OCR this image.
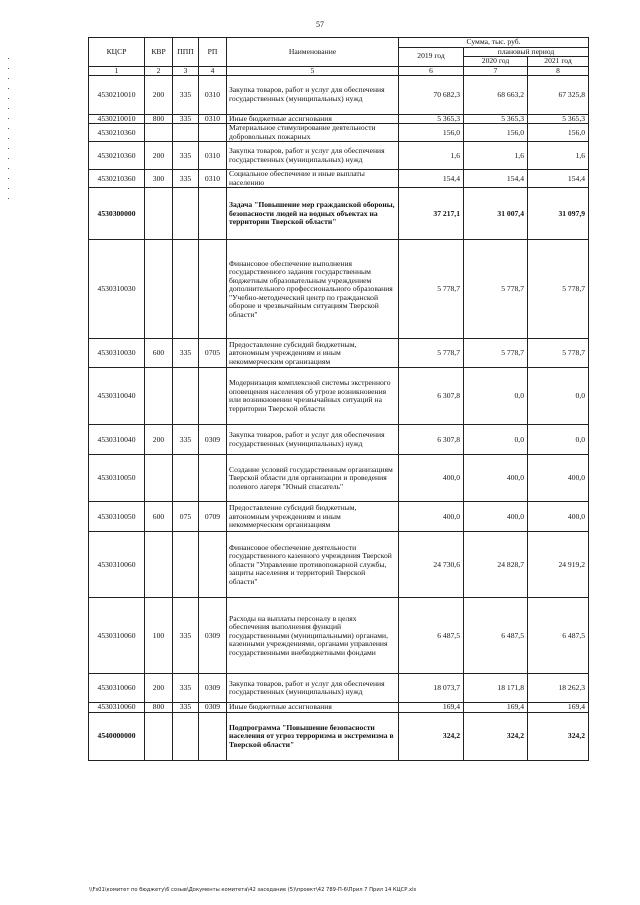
57
КЦСР	КВР	ППП	РП	Наименование	Сумма, тыс. руб.		
					2019 год	плановый период	
						2020 год	2021 год
1	2	3	4	5	6	7	8
4530210010	200	335	0310	Закупка товаров, работ и услуг для обеспечения государственных (муниципальных) нужд	70 682,3	68 663,2	67 325,8
4530210010	800	335	0310	Иные бюджетные ассигнования	5 365,3	5 365,3	5 365,3
4530210360				Материальное стимулирование деятельности добровольных пожарных	156,0	156,0	156,0
4530210360	200	335	0310	Закупка товаров, работ и услуг для обеспечения государственных (муниципальных) нужд	1,6	1,6	1,6
4530210360	300	335	0310	Социальное обеспечение и иные выплаты населению	154,4	154,4	154,4
4530300000				Задача "Повышение мер гражданской обороны, безопасности людей на водных объектах на территории Тверской области"	37 217,1	31 007,4	31 097,9
4530310030				Финансовое обеспечение выполнения государственного задания государственным бюджетным образовательным учреждением дополнительного профессионального образования "Учебно-методический центр по гражданской обороне и чрезвычайным ситуациям Тверской области"	5 778,7	5 778,7	5 778,7
4530310030	600	335	0705	Предоставление субсидий бюджетным, автономным учреждениям и иным некоммерческим организациям	5 778,7	5 778,7	5 778,7
4530310040				Модернизация комплексной системы экстренного оповещения населения об угрозе возникновения или возникновении чрезвычайных ситуаций на территории Тверской области	6 307,8	0,0	0,0
4530310040	200	335	0309	Закупка товаров, работ и услуг для обеспечения государственных (муниципальных) нужд	6 307,8	0,0	0,0
4530310050				Создание условий государственным организациям Тверской области для организации и проведения полевого лагеря "Юный спасатель"	400,0	400,0	400,0
4530310050	600	075	0709	Предоставление субсидий бюджетным, автономным учреждениям и иным некоммерческим организациям	400,0	400,0	400,0
4530310060				Финансовое обеспечение деятельности государственного казенного учреждения Тверской области "Управление противопожарной службы, защиты населения и территорий Тверской области"	24 730,6	24 828,7	24 919,2
4530310060	100	335	0309	Расходы на выплаты персоналу в целях обеспечения выполнения функций государственными (муниципальными) органами, казенными учреждениями, органами управления государственными внебюджетными фондами	6 487,5	6 487,5	6 487,5
4530310060	200	335	0309	Закупка товаров, работ и услуг для обеспечения государственных (муниципальных) нужд	18 073,7	18 171,8	18 262,3
4530310060	800	335	0309	Иные бюджетные ассигнования	169,4	169,4	169,4
4540000000				Подпрограмма "Повышение безопасности населения от угроз терроризма и экстремизма в Тверской области"	324,2	324,2	324,2
\\Fs01\комитет по бюджету\6 созыв\Документы комитета\42 заседание (5)\проект\42 789-П-6\Прил 7 Прил 14 КЦСР.xls
